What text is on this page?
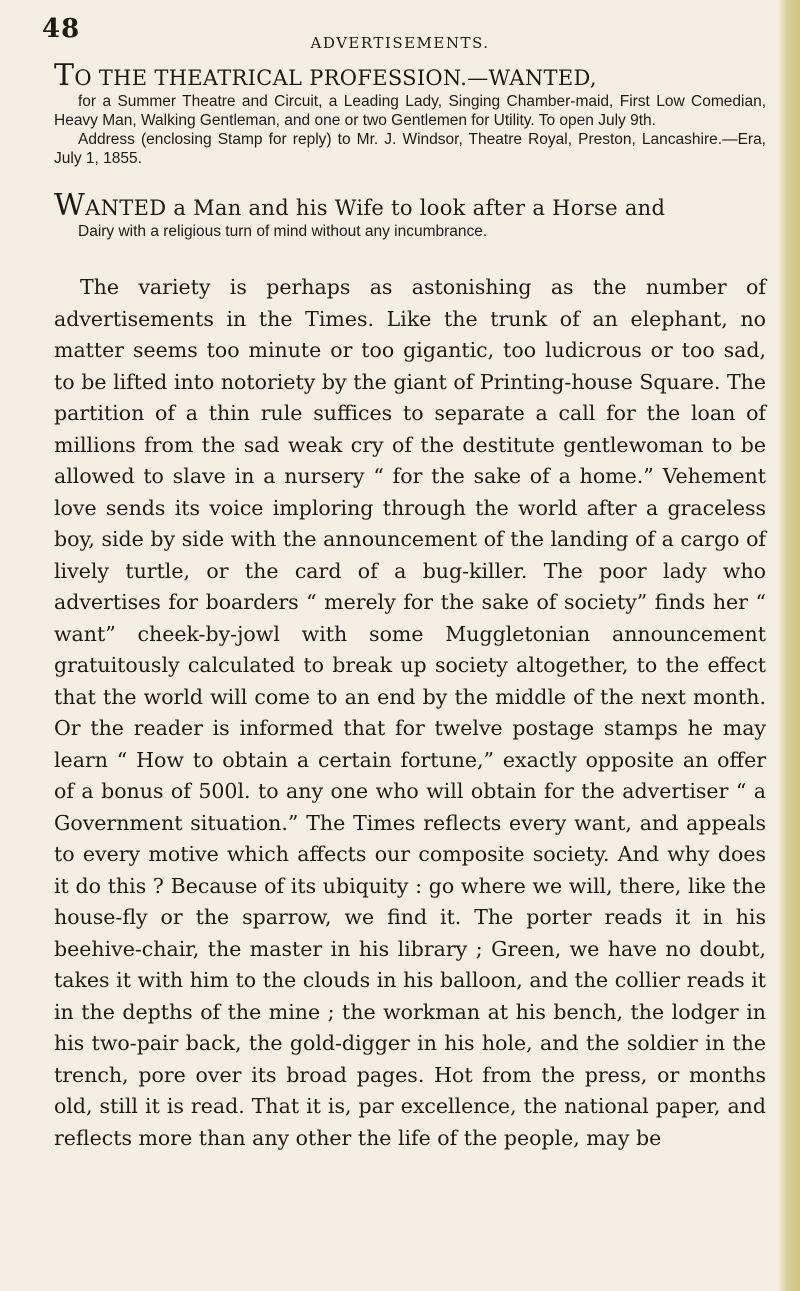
48	ADVERTISEMENTS.
TO THE THEATRICAL PROFESSION.—WANTED,

for a Summer Theatre and Circuit, a Leading Lady, Singing Chamber-maid, First Low Comedian, Heavy Man, Walking Gentleman, and one or two Gentlemen for Utility. To open July 9th.

Address (enclosing Stamp for reply) to Mr. J. Windsor, Theatre Royal, Preston, Lancashire.—Era, July 1, 1855.

WANTED a Man and his Wife to look after a Horse and

Dairy with a religious turn of mind without any incumbrance.

The variety is perhaps as astonishing as the number of advertisements in the Times. Like the trunk of an elephant, no matter seems too minute or too gigantic, too ludicrous or too sad, to be lifted into notoriety by the giant of Printing-house Square. The partition of a thin rule suffices to separate a call for the loan of millions from the sad weak cry of the destitute gentlewoman to be allowed to slave in a nursery “ for the sake of a home.” Vehement love sends its voice imploring through the world after a graceless boy, side by side with the announcement of the landing of a cargo of lively turtle, or the card of a bug-killer. The poor lady who advertises for boarders “ merely for the sake of society” finds her “ want” cheek-by-jowl with some Muggletonian announcement gratuitously calculated to break up society altogether, to the effect that the world will come to an end by the middle of the next month. Or the reader is informed that for twelve postage stamps he may learn “ How to obtain a certain fortune,” exactly opposite an offer of a bonus of 500l. to any one who will obtain for the advertiser “ a Government situation.” The Times reflects every want, and appeals to every motive which affects our composite society. And why does it do this ? Because of its ubiquity : go where we will, there, like the house-fly or the sparrow, we find it. The porter reads it in his beehive-chair, the master in his library ; Green, we have no doubt, takes it with him to the clouds in his balloon, and the collier reads it in the depths of the mine ; the workman at his bench, the lodger in his two-pair back, the gold-digger in his hole, and the soldier in the trench, pore over its broad pages. Hot from the press, or months old, still it is read. That it is, par excellence, the national paper, and reflects more than any other the life of the people, may be
